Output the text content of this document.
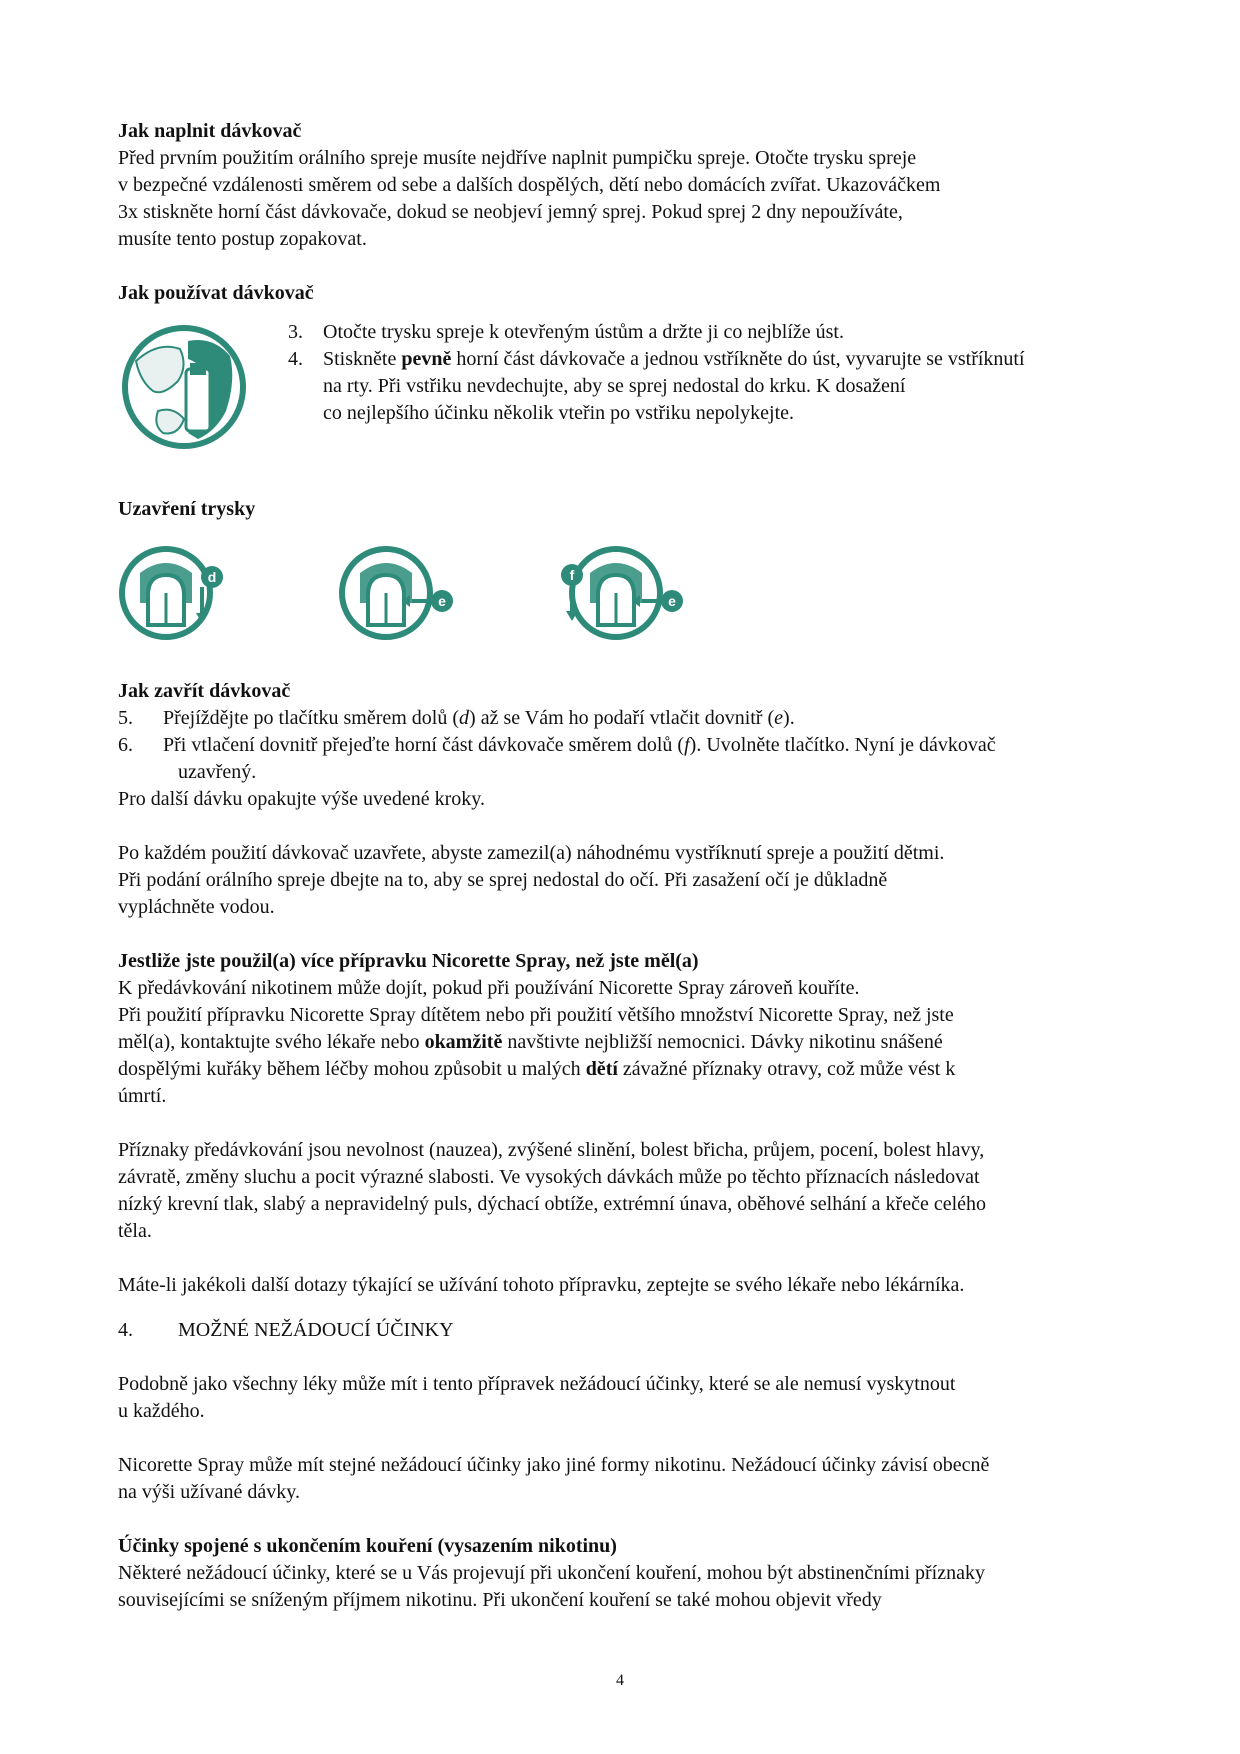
Jak naplnit dávkovač

Před prvním použitím orálního spreje musíte nejdříve naplnit pumpičku spreje. Otočte trysku spreje

v bezpečné vzdálenosti směrem od sebe a dalších dospělých, dětí nebo domácích zvířat. Ukazováčkem

3x stiskněte horní část dávkovače, dokud se neobjeví jemný sprej. Pokud sprej 2 dny nepoužíváte,

musíte tento postup zopakovat.

Jak používat dávkovač

3.	Otočte trysku spreje k otevřeným ústům a držte ji co nejblíže úst.
4.	Stiskněte pevně horní část dávkovače a jednou vstříkněte do úst, vyvarujte se vstříknutí

na rty. Při vstřiku nevdechujte, aby se sprej nedostal do krku. K dosažení

co nejlepšího účinku několik vteřin po vstřiku nepolykejte.

Uzavření trysky

d
e
f
e

Jak zavřít dávkovač

5.	Přejíždějte po tlačítku směrem dolů (d) až se Vám ho podaří vtlačit dovnitř (e).
6.	Při vtlačení dovnitř přejeďte horní část dávkovače směrem dolů (f). Uvolněte tlačítko. Nyní je dávkovač

uzavřený.

Pro další dávku opakujte výše uvedené kroky.

Po každém použití dávkovač uzavřete, abyste zamezil(a) náhodnému vystříknutí spreje a použití dětmi.

Při podání orálního spreje dbejte na to, aby se sprej nedostal do očí. Při zasažení očí je důkladně

vypláchněte vodou.

Jestliže jste použil(a) více přípravku Nicorette Spray, než jste měl(a)

K předávkování nikotinem může dojít, pokud při používání Nicorette Spray zároveň kouříte.

Při použití přípravku Nicorette Spray dítětem nebo při použití většího množství Nicorette Spray, než jste

měl(a), kontaktujte svého lékaře nebo okamžitě navštivte nejbližší nemocnici. Dávky nikotinu snášené

dospělými kuřáky během léčby mohou způsobit u malých dětí závažné příznaky otravy, což může vést k

úmrtí.

Příznaky předávkování jsou nevolnost (nauzea), zvýšené slinění, bolest břicha, průjem, pocení, bolest hlavy,

závratě, změny sluchu a pocit výrazné slabosti. Ve vysokých dávkách může po těchto příznacích následovat

nízký krevní tlak, slabý a nepravidelný puls, dýchací obtíže, extrémní únava, oběhové selhání a křeče celého

těla.

Máte-li jakékoli další dotazy týkající se užívání tohoto přípravku, zeptejte se svého lékaře nebo lékárníka.

4.	MOŽNÉ NEŽÁDOUCÍ ÚČINKY

Podobně jako všechny léky může mít i tento přípravek nežádoucí účinky, které se ale nemusí vyskytnout

u každého.

Nicorette Spray může mít stejné nežádoucí účinky jako jiné formy nikotinu. Nežádoucí účinky závisí obecně

na výši užívané dávky.

Účinky spojené s ukončením kouření (vysazením nikotinu)

Některé nežádoucí účinky, které se u Vás projevují při ukončení kouření, mohou být abstinenčními příznaky

souvisejícími se sníženým příjmem nikotinu. Při ukončení kouření se také mohou objevit vředy

4
